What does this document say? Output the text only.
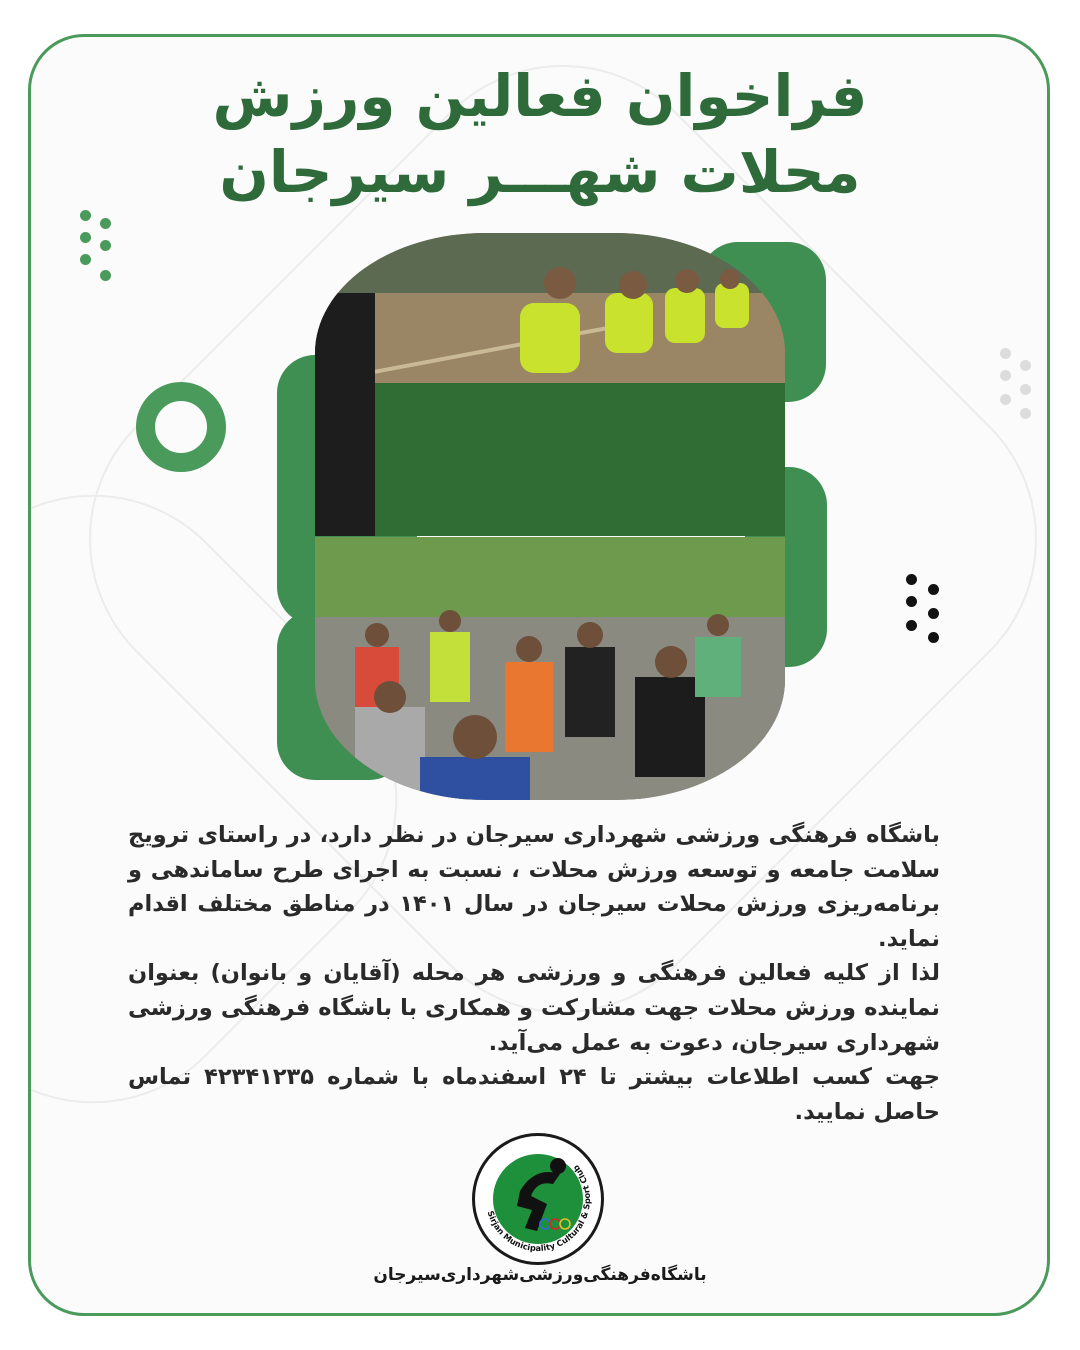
فراخوان فعالین ورزش
محلات شهـــر سیرجان

باشگاه فرهنگی ورزشی شهرداری سیرجان در نظر دارد، در راستای ترویج سلامت جامعه و توسعه ورزش محلات ، نسبت به اجرای طرح ساماندهی و برنامه‌ریزی ورزش محلات سیرجان در سال ۱۴۰۱ در مناطق مختلف اقدام نماید.

لذا از کلیه فعالین فرهنگی و ورزشی هر محله (آقایان و بانوان) بعنوان نماینده ورزش محلات جهت مشارکت و همکاری با باشگاه فرهنگی ورزشی شهرداری سیرجان، دعوت به عمل می‌آید.

جهت کسب اطلاعات بیشتر تا ۲۴ اسفندماه با شماره ۴۲۳۴۱۲۳۵ تماس حاصل نمایید.

Sirjan Municipality Cultural & Sport Club
باشگاه‌فرهنگی‌ورزشی‌شهرداری‌سیرجان
